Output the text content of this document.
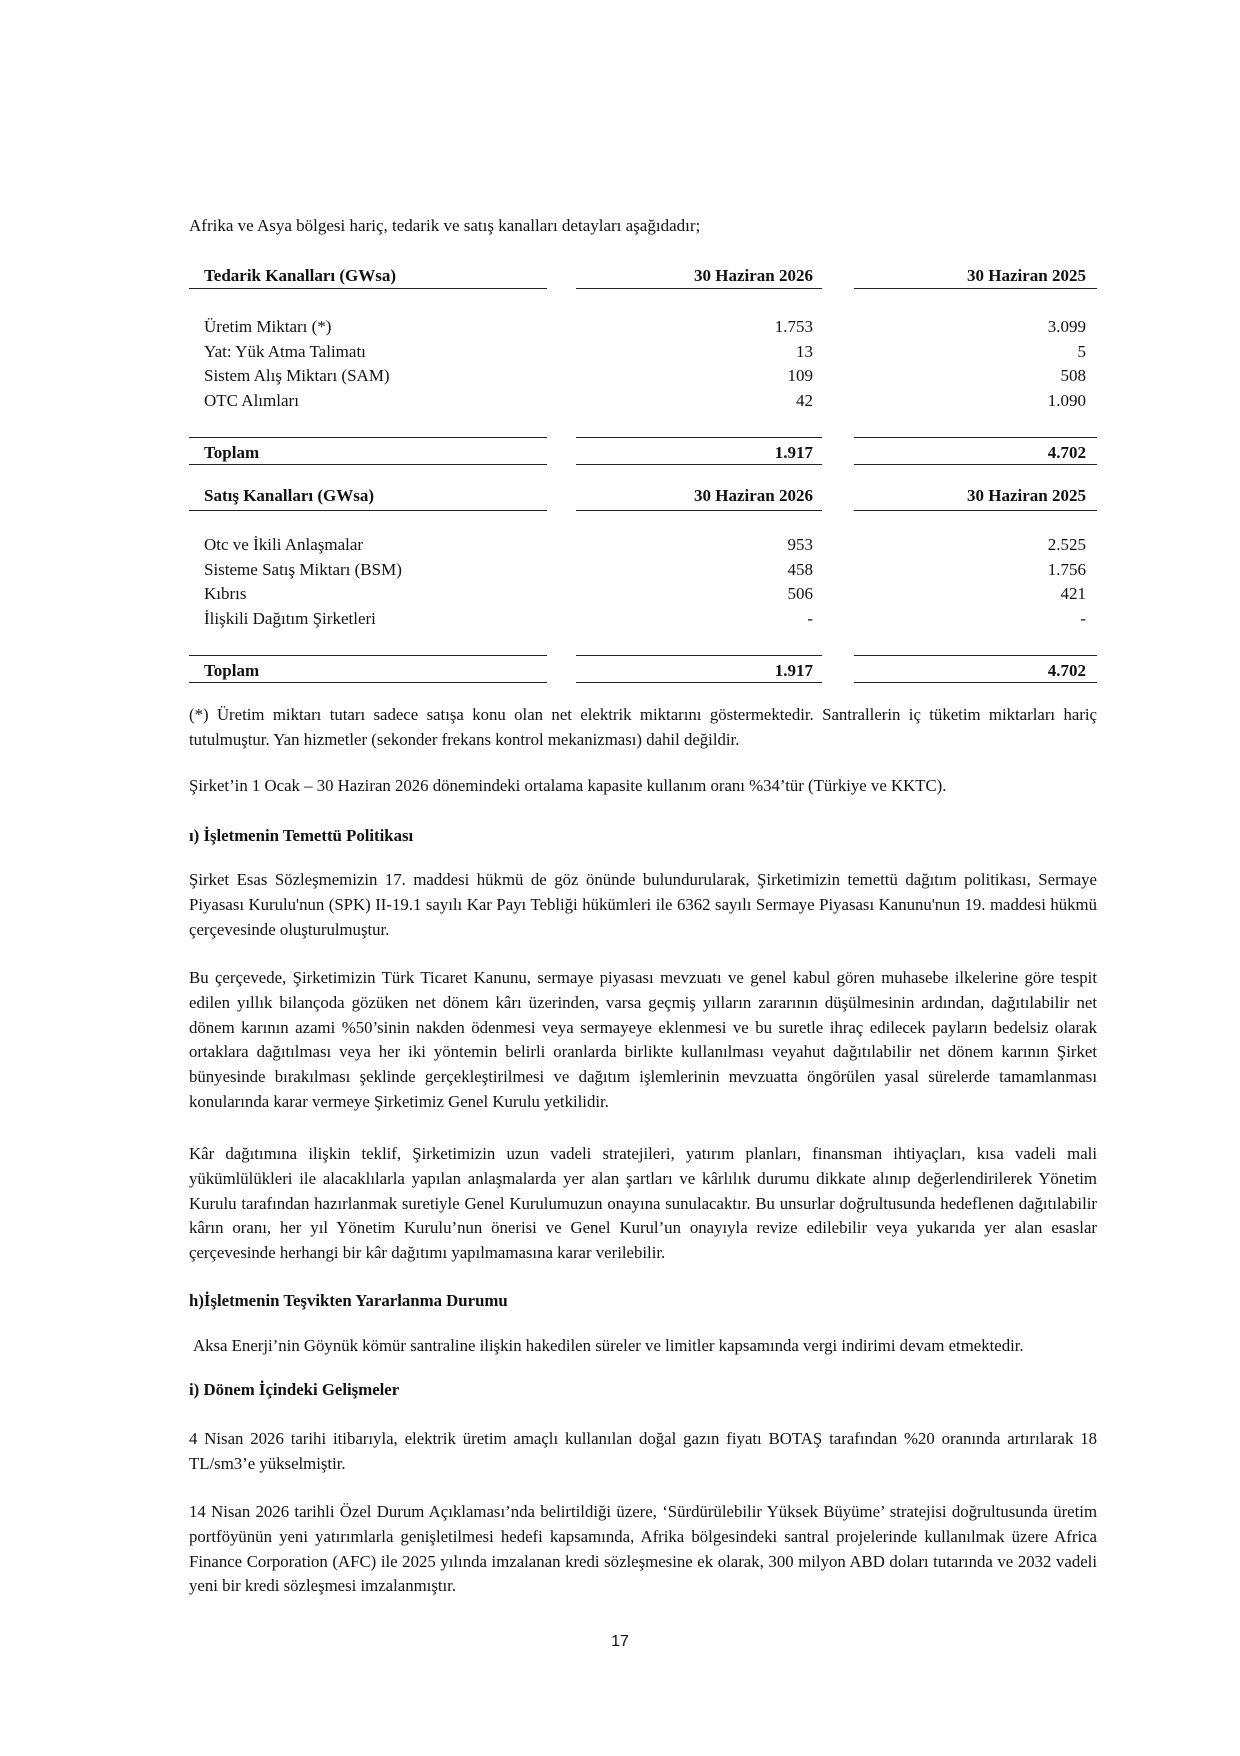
Afrika ve Asya bölgesi hariç, tedarik ve satış kanalları detayları aşağıdadır;
Tedarik Kanalları (GWsa)	30 Haziran 2026	30 Haziran 2025
Üretim Miktarı (*)	1.753	3.099
Yat: Yük Atma Talimatı	13	5
Sistem Alış Miktarı (SAM)	109	508
OTC Alımları	42	1.090
Toplam	1.917	4.702
Satış Kanalları (GWsa)	30 Haziran 2026	30 Haziran 2025
Otc ve İkili Anlaşmalar	953	2.525
Sisteme Satış Miktarı (BSM)	458	1.756
Kıbrıs	506	421
İlişkili Dağıtım Şirketleri	-	-
Toplam	1.917	4.702

(*) Üretim miktarı tutarı sadece satışa konu olan net elektrik miktarını göstermektedir. Santrallerin iç tüketim miktarları hariç tutulmuştur. Yan hizmetler (sekonder frekans kontrol mekanizması) dahil değildir.

Şirket’in 1 Ocak – 30 Haziran 2026 dönemindeki ortalama kapasite kullanım oranı %34’tür (Türkiye ve KKTC).

ı) İşletmenin Temettü Politikası

Şirket Esas Sözleşmemizin 17. maddesi hükmü de göz önünde bulundurularak, Şirketimizin temettü dağıtım politikası, Sermaye Piyasası Kurulu'nun (SPK) II-19.1 sayılı Kar Payı Tebliği hükümleri ile 6362 sayılı Sermaye Piyasası Kanunu'nun 19. maddesi hükmü çerçevesinde oluşturulmuştur.

Bu çerçevede, Şirketimizin Türk Ticaret Kanunu, sermaye piyasası mevzuatı ve genel kabul gören muhasebe ilkelerine göre tespit edilen yıllık bilançoda gözüken net dönem kârı üzerinden, varsa geçmiş yılların zararının düşülmesinin ardından, dağıtılabilir net dönem karının azami %50’sinin nakden ödenmesi veya sermayeye eklenmesi ve bu suretle ihraç edilecek payların bedelsiz olarak ortaklara dağıtılması veya her iki yöntemin belirli oranlarda birlikte kullanılması veyahut dağıtılabilir net dönem karının Şirket bünyesinde bırakılması şeklinde gerçekleştirilmesi ve dağıtım işlemlerinin mevzuatta öngörülen yasal sürelerde tamamlanması konularında karar vermeye Şirketimiz Genel Kurulu yetkilidir.

Kâr dağıtımına ilişkin teklif, Şirketimizin uzun vadeli stratejileri, yatırım planları, finansman ihtiyaçları, kısa vadeli mali yükümlülükleri ile alacaklılarla yapılan anlaşmalarda yer alan şartları ve kârlılık durumu dikkate alınıp değerlendirilerek Yönetim Kurulu tarafından hazırlanmak suretiyle Genel Kurulumuzun onayına sunulacaktır. Bu unsurlar doğrultusunda hedeflenen dağıtılabilir kârın oranı, her yıl Yönetim Kurulu’nun önerisi ve Genel Kurul’un onayıyla revize edilebilir veya yukarıda yer alan esaslar çerçevesinde herhangi bir kâr dağıtımı yapılmamasına karar verilebilir.

h)İşletmenin Teşvikten Yararlanma Durumu

Aksa Enerji’nin Göynük kömür santraline ilişkin hakedilen süreler ve limitler kapsamında vergi indirimi devam etmektedir.

i) Dönem İçindeki Gelişmeler

4 Nisan 2026 tarihi itibarıyla, elektrik üretim amaçlı kullanılan doğal gazın fiyatı BOTAŞ tarafından %20 oranında artırılarak 18 TL/sm3’e yükselmiştir.

14 Nisan 2026 tarihli Özel Durum Açıklaması’nda belirtildiği üzere, ‘Sürdürülebilir Yüksek Büyüme’ stratejisi doğrultusunda üretim portföyünün yeni yatırımlarla genişletilmesi hedefi kapsamında, Afrika bölgesindeki santral projelerinde kullanılmak üzere Africa Finance Corporation (AFC) ile 2025 yılında imzalanan kredi sözleşmesine ek olarak, 300 milyon ABD doları tutarında ve 2032 vadeli yeni bir kredi sözleşmesi imzalanmıştır.

17
